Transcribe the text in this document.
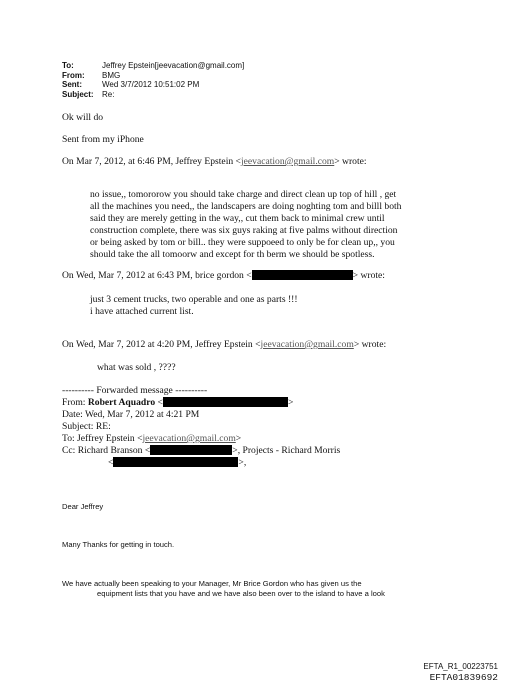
To:	Jeffrey Epstein[jeevacation@gmail.com]
From: BMG
Sent:	Wed 3/7/2012 10:51:02 PM
Subject: Re:
Ok will do
Sent from my iPhone
On Mar 7, 2012, at 6:46 PM, Jeffrey Epstein <jeevacation@gmail.com> wrote:
no issue,, tomororow you should take charge and direct clean up top of hill , get
all the machines you need,, the landscapers are doing noghting tom and billl both
said they are merely getting in the way,, cut them back to minimal crew until
construction complete, there was six guys raking at five palms without direction
or being asked by tom or bill.. they were suppoeed to only be for clean up,, you
should take the all tomoorw and except for th berm we should be spotless.
On Wed, Mar 7, 2012 at 6:43 PM, brice gordon <	> wrote:
just 3 cement trucks, two operable and one as parts !!!
i have attached current list.
On Wed, Mar 7, 2012 at 4:20 PM, Jeffrey Epstein <jeevacation@gmail.com> wrote:
what was sold , ????
---------- Forwarded message ----------
From: Robert Aquadro <	>
Date: Wed, Mar 7, 2012 at 4:21 PM
Subject: RE:
To: Jeffrey Epstein <jeevacation@gmail.com>
Cc: Richard Branson <	>, Projects - Richard Morris
<	>,
Dear Jeffrey
Many Thanks for getting in touch.
We have actually been speaking to your Manager, Mr Brice Gordon who has given us the
equipment lists that you have and we have also been over to the island to have a look
EFTA_R1_00223751
EFTA01839692
